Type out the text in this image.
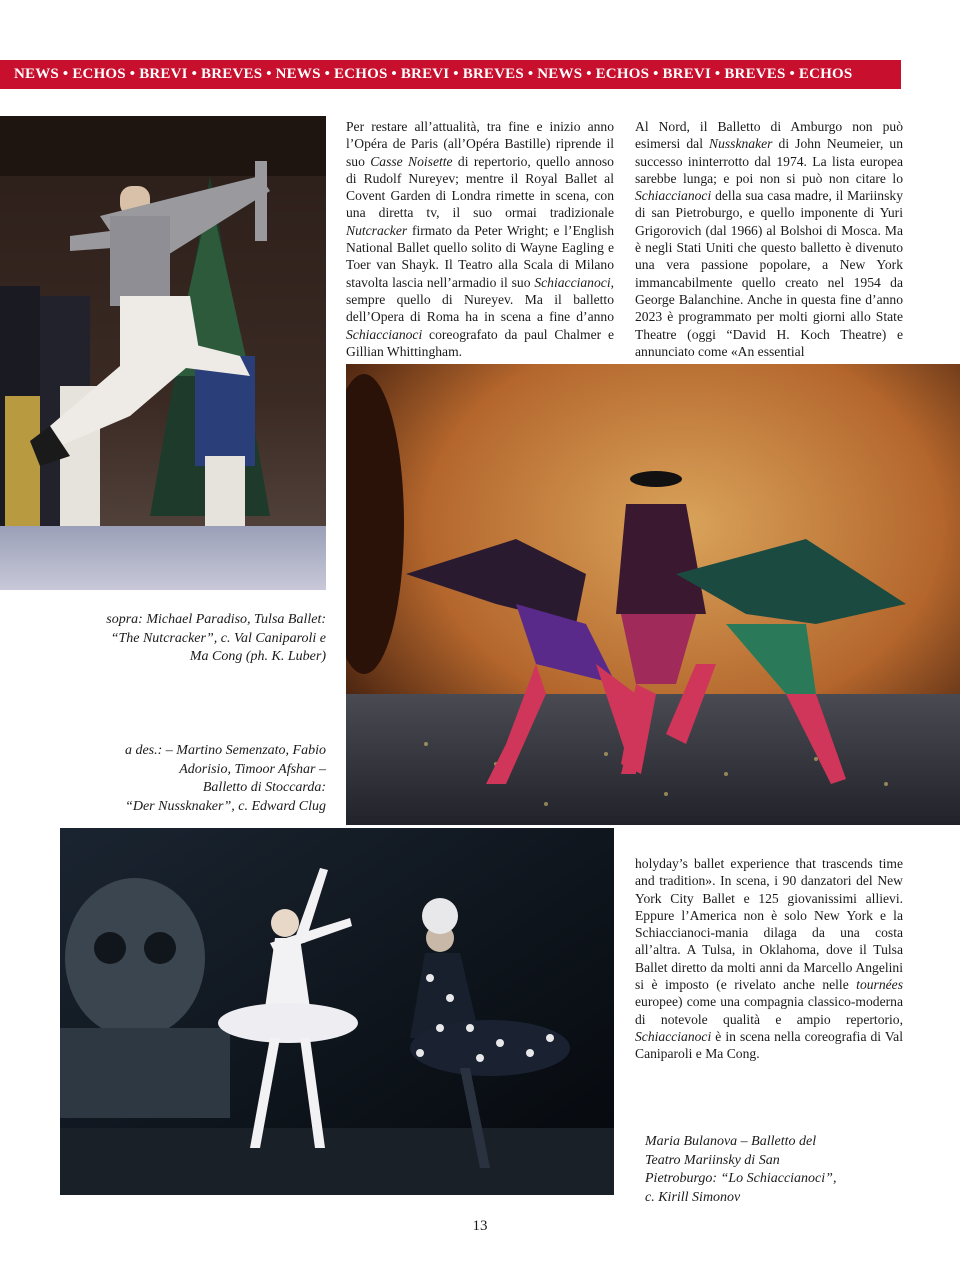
NEWS • ECHOS • BREVI • BREVES • NEWS • ECHOS • BREVI • BREVES • NEWS • ECHOS • BREVI • BREVES • ECHOS
Per restare all’attualità, tra fine e inizio anno l’Opéra de Paris (all’Opéra Bastille) riprende il suo Casse Noisette di repertorio, quello annoso di Rudolf Nureyev; mentre il Royal Ballet al Covent Garden di Londra rimette in scena, con una diretta tv, il suo ormai tradizionale Nutcracker firmato da Peter Wright; e l’English National Ballet quello solito di Wayne Eagling e Toer van Shayk. Il Teatro alla Scala di Milano stavolta lascia nell’armadio il suo Schiaccianoci, sempre quello di Nureyev. Ma il balletto dell’Opera di Roma ha in scena a fine d’anno Schiaccianoci coreografato da paul Chalmer e Gillian Whittingham.
Al Nord, il Balletto di Amburgo non può esimersi dal Nussknaker di John Neumeier, un successo ininterrotto dal 1974. La lista europea sarebbe lunga; e poi non si può non citare lo Schiaccianoci della sua casa madre, il Mariinsky di san Pietroburgo, e quello imponente di Yuri Grigorovich (dal 1966) al Bolshoi di Mosca. Ma è negli Stati Uniti che questo balletto è divenuto una vera passione popolare, a New York immancabilmente quello creato nel 1954 da George Balanchine. Anche in questa fine d’anno 2023 è programmato per molti giorni allo State Theatre (oggi “David H. Koch Theatre) e annunciato come «An essential
holyday’s ballet experience that trascends time and tradition». In scena, i 90 danzatori del New York City Ballet e 125 giovanissimi allievi. Eppure l’America non è solo New York e la Schiaccianoci-mania dilaga da una costa all’altra. A Tulsa, in Oklahoma, dove il Tulsa Ballet diretto da molti anni da Marcello Angelini si è imposto (e rivelato anche nelle tournées europee) come una compagnia classico-moderna di notevole qualità e ampio repertorio, Schiaccianoci è in scena nella coreografia di Val Caniparoli e Ma Cong.
sopra: Michael Paradiso, Tulsa Ballet:
“The Nutcracker”, c. Val Caniparoli e
Ma Cong (ph. K. Luber)
a des.: – Martino Semenzato, Fabio
Adorisio, Timoor Afshar –
Balletto di Stoccarda:
“Der Nussknaker”, c. Edward Clug
Maria Bulanova – Balletto del
Teatro Mariinsky di San
Pietroburgo: “Lo Schiaccianoci”,
c. Kirill Simonov
13
